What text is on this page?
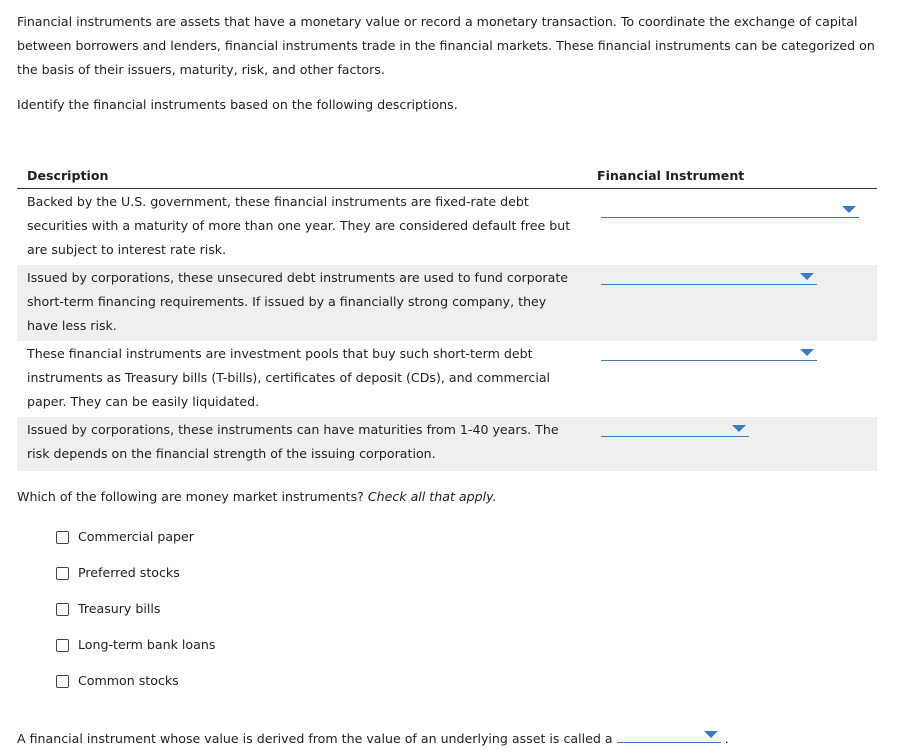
Financial instruments are assets that have a monetary value or record a monetary transaction. To coordinate the exchange of capital between borrowers and lenders, financial instruments trade in the financial markets. These financial instruments can be categorized on the basis of their issuers, maturity, risk, and other factors.

Identify the financial instruments based on the following descriptions.

Description	Financial Instrument
Backed by the U.S. government, these financial instruments are fixed-rate debt securities with a maturity of more than one year. They are considered default free but are subject to interest rate risk.
Issued by corporations, these unsecured debt instruments are used to fund corporate short-term financing requirements. If issued by a financially strong company, they have less risk.
These financial instruments are investment pools that buy such short-term debt instruments as Treasury bills (T-bills), certificates of deposit (CDs), and commercial paper. They can be easily liquidated.
Issued by corporations, these instruments can have maturities from 1-40 years. The risk depends on the financial strength of the issuing corporation.

Which of the following are money market instruments? Check all that apply.

Commercial paper
Preferred stocks
Treasury bills
Long-term bank loans
Common stocks
A financial instrument whose value is derived from the value of an underlying asset is called a	.
